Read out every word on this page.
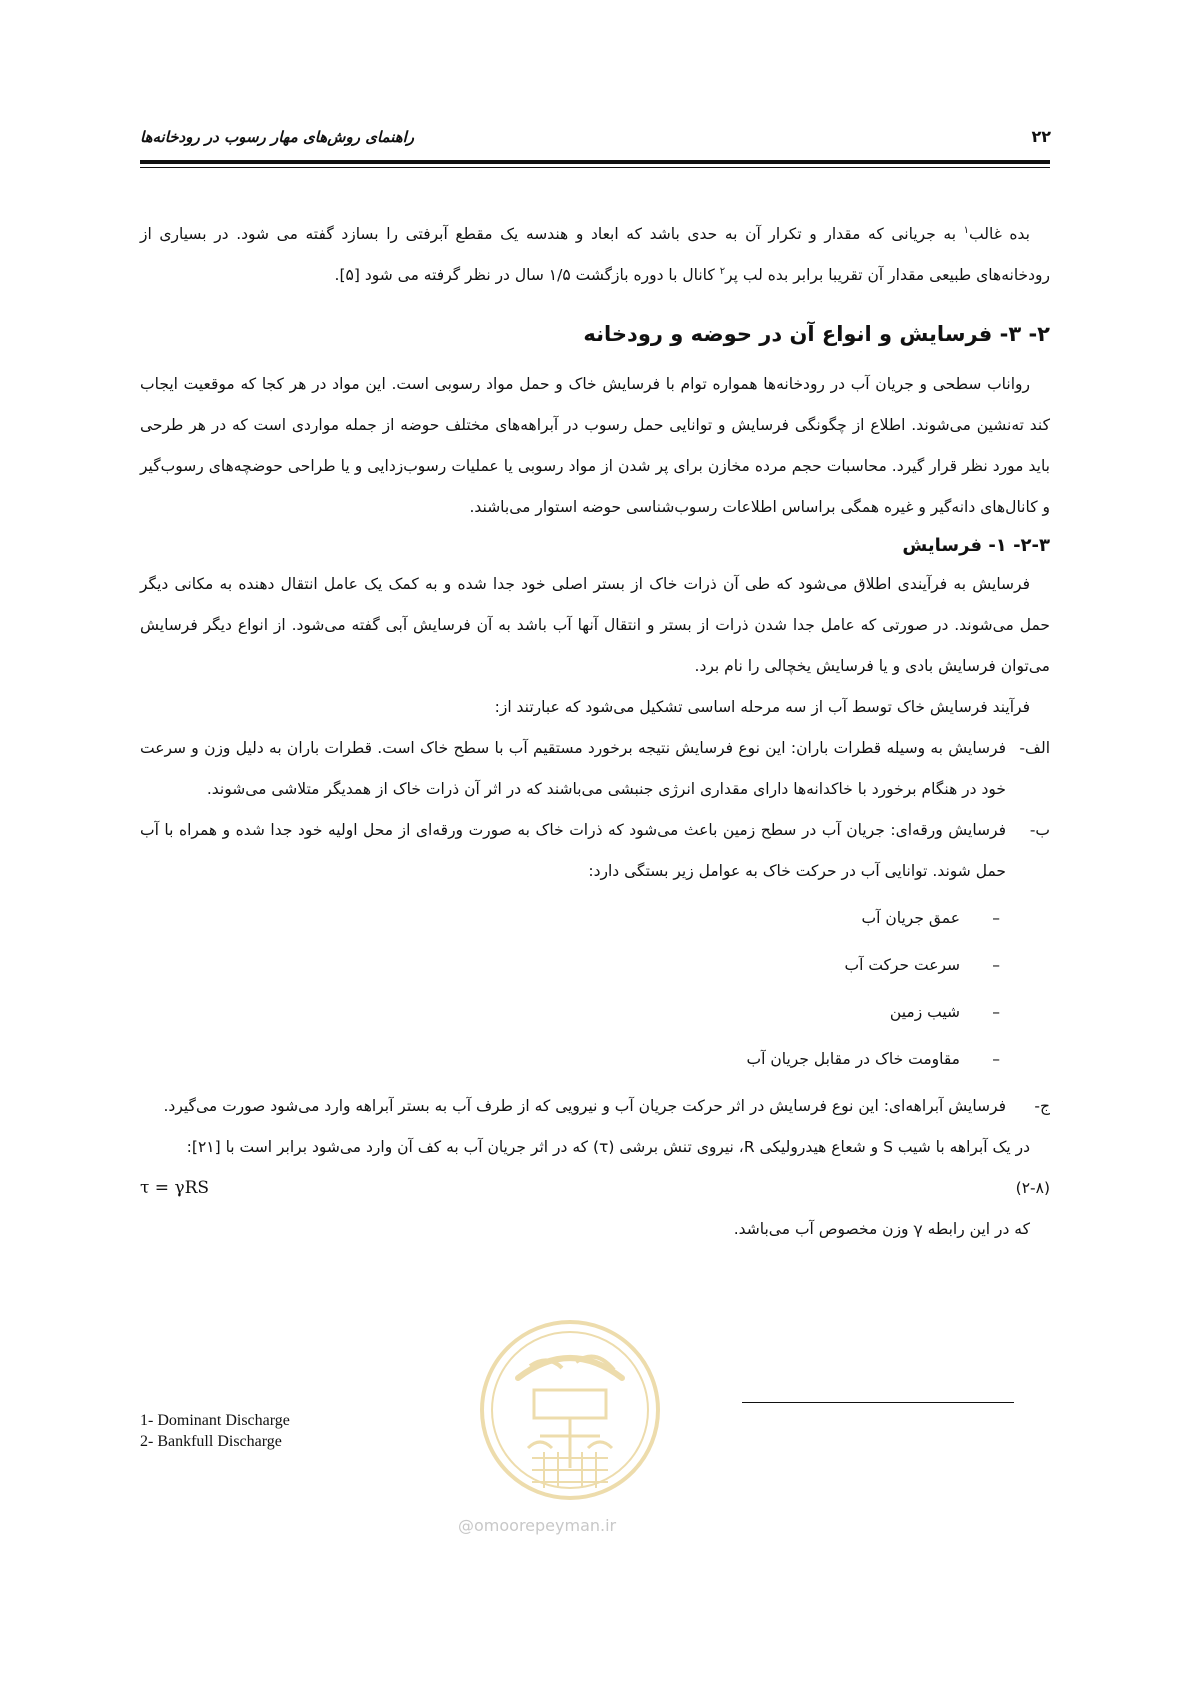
راهنمای روش‌های مهار رسوب در رودخانه‌ها	۲۲

بده غالب$^۱$ به جریانی که مقدار و تکرار آن به حدی باشد که ابعاد و هندسه یک مقطع آبرفتی را بسازد گفته می شود. در بسیاری از رودخانه‌های طبیعی مقدار آن تقریبا برابر بده لب پر$^۲$ کانال با دوره بازگشت ۱/۵ سال در نظر گرفته می شود [۵].

۲- ۳- فرسایش و انواع آن در حوضه و رودخانه

رواناب سطحی و جریان آب در رودخانه‌ها همواره توام با فرسایش خاک و حمل مواد رسوبی است. این مواد در هر کجا که موقعیت ایجاب کند ته‌نشین می‌شوند. اطلاع از چگونگی فرسایش و توانایی حمل رسوب در آبراهه‌های مختلف حوضه از جمله مواردی است که در هر طرحی باید مورد نظر قرار گیرد. محاسبات حجم مرده مخازن برای پر شدن از مواد رسوبی یا عملیات رسوب‌زدایی و یا طراحی حوضچه‌های رسوب‌گیر و کانال‌های دانه‌گیر و غیره همگی براساس اطلاعات رسوب‌شناسی حوضه استوار می‌باشند.

۲-۳- ۱- فرسایش

فرسایش به فرآیندی اطلاق می‌شود که طی آن ذرات خاک از بستر اصلی خود جدا شده و به کمک یک عامل انتقال دهنده به مکانی دیگر حمل می‌شوند. در صورتی که عامل جدا شدن ذرات از بستر و انتقال آنها آب باشد به آن فرسایش آبی گفته می‌شود. از انواع دیگر فرسایش می‌توان فرسایش بادی و یا فرسایش یخچالی را نام برد.

فرآیند فرسایش خاک توسط آب از سه مرحله اساسی تشکیل می‌شود که عبارتند از:

الف-
فرسایش به وسیله قطرات باران: این نوع فرسایش نتیجه برخورد مستقیم آب با سطح خاک است. قطرات باران به دلیل وزن و سرعت خود در هنگام برخورد با خاکدانه‌ها دارای مقداری انرژی جنبشی می‌باشند که در اثر آن ذرات خاک از همدیگر متلاشی می‌شوند.
ب-
فرسایش ورقه‌ای: جریان آب در سطح زمین باعث می‌شود که ذرات خاک به صورت ورقه‌ای از محل اولیه خود جدا شده و همراه با آب حمل شوند. توانایی آب در حرکت خاک به عوامل زیر بستگی دارد:
–
عمق جریان آب
–
سرعت حرکت آب
–
شیب زمین
–
مقاومت خاک در مقابل جریان آب
ج-
فرسایش آبراهه‌ای: این نوع فرسایش در اثر حرکت جریان آب و نیرویی که از طرف آب به بستر آبراهه وارد می‌شود صورت می‌گیرد.

در یک آبراهه با شیب S و شعاع هیدرولیکی R، نیروی تنش برشی (τ) که در اثر جریان آب به کف آن وارد می‌شود برابر است با [۲۱]:

τ = γRS	(۲-۸)

که در این رابطه γ وزن مخصوص آب می‌باشد.

1- Dominant Discharge
2- Bankfull Discharge
@omoorepeyman.ir
